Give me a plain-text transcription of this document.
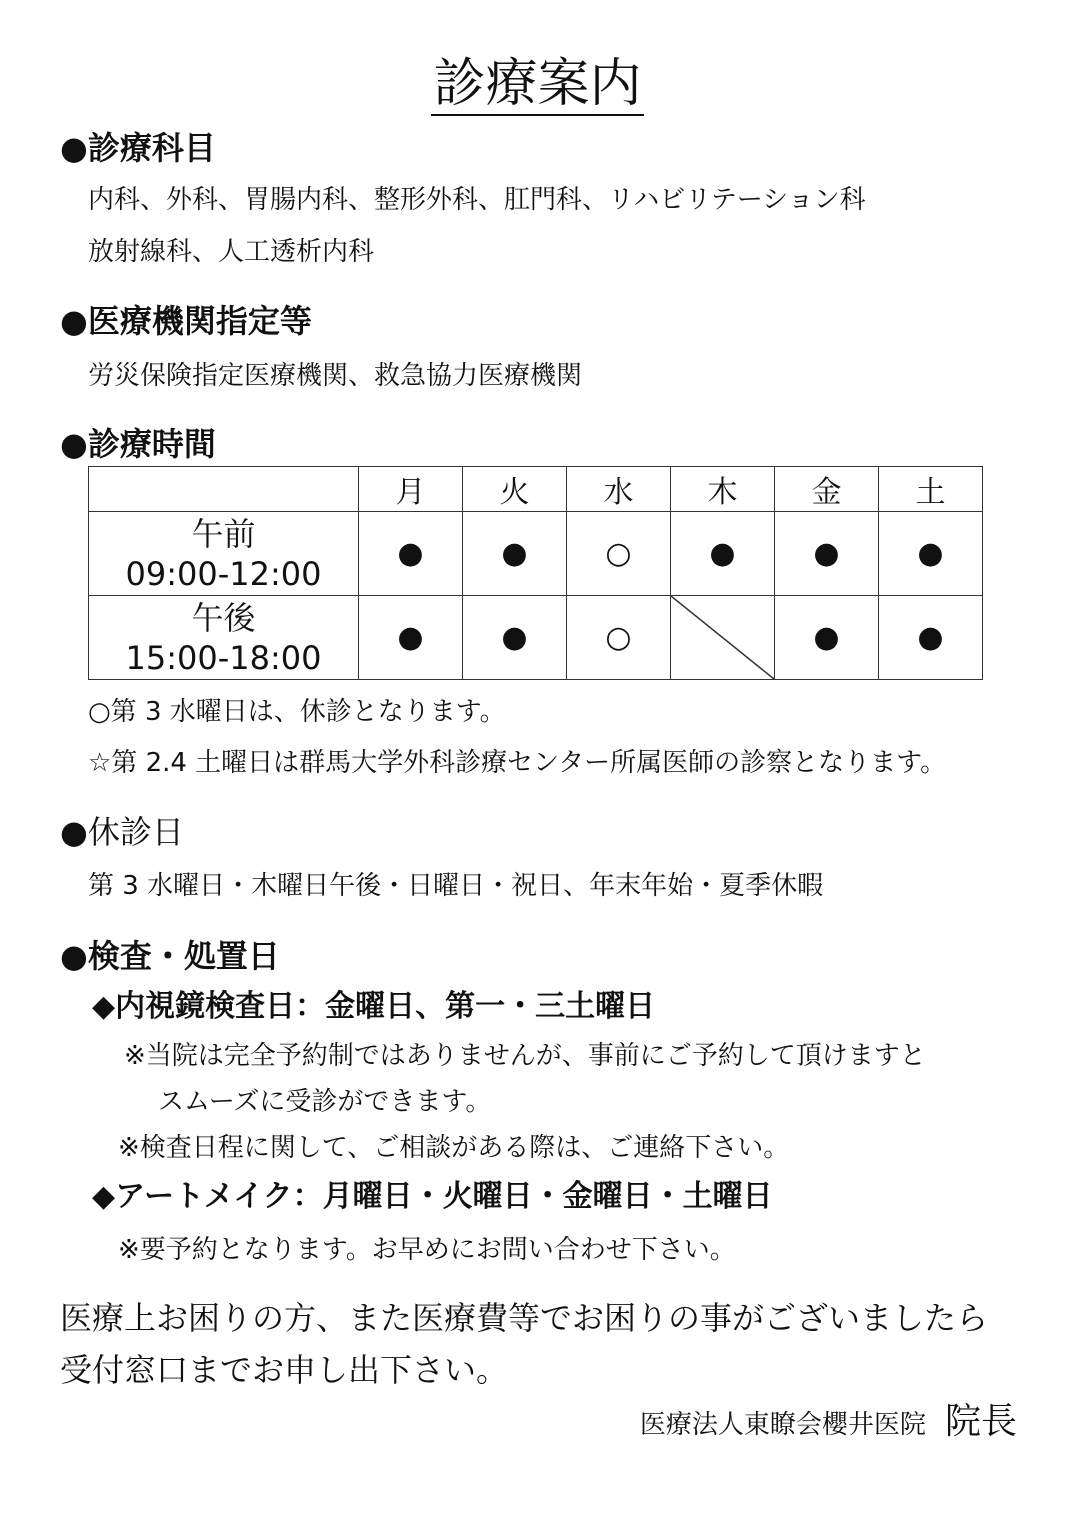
診療案内
●診療科目
内科、外科、胃腸内科、整形外科、肛門科、リハビリテーション科
放射線科、人工透析内科
●医療機関指定等
労災保険指定医療機関、救急協力医療機関
●診療時間
	月	火	水	木	金	土

午前
09:00-12:00	●	●	○	●	●	●

午後
15:00-18:00	●	●	○		●	●
○第 3 水曜日は、休診となります。
☆第 2.4 土曜日は群馬大学外科診療センター所属医師の診察となります。
●休診日
第 3 水曜日・木曜日午後・日曜日・祝日、年末年始・夏季休暇
●検査・処置日
◆内視鏡検査日：金曜日、第一・三土曜日
※当院は完全予約制ではありませんが、事前にご予約して頂けますと
スムーズに受診ができます。
※検査日程に関して、ご相談がある際は、ご連絡下さい。
◆アートメイク：月曜日・火曜日・金曜日・土曜日
※要予約となります。お早めにお問い合わせ下さい。
医療上お困りの方、また医療費等でお困りの事がございましたら
受付窓口までお申し出下さい。
医療法人東瞭会櫻井医院 院長
